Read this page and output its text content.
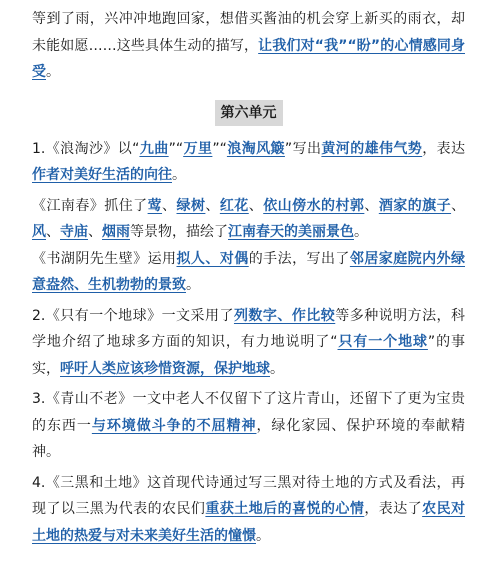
等到了雨，兴冲冲地跑回家，想借买酱油的机会穿上新买的雨衣，却未能如愿……这些具体生动的描写，让我们对“我”“盼”的心情感同身受。

第六单元

1.《浪淘沙》以“九曲”“万里”“浪淘风簸”写出黄河的雄伟气势，表达作者对美好生活的向往。

《江南春》抓住了莺、绿树、红花、依山傍水的村郭、酒家的旗子、风、寺庙、烟雨等景物，描绘了江南春天的美丽景色。

《书湖阴先生壁》运用拟人、对偶的手法，写出了邻居家庭院内外绿意盎然、生机勃勃的景致。

2.《只有一个地球》一文采用了列数字、作比较等多种说明方法，科学地介绍了地球多方面的知识，有力地说明了“只有一个地球”的事实，呼吁人类应该珍惜资源，保护地球。

3.《青山不老》一文中老人不仅留下了这片青山，还留下了更为宝贵的东西一与环境做斗争的不屈精神，绿化家园、保护环境的奉献精神。

4.《三黑和土地》这首现代诗通过写三黑对待土地的方式及看法，再现了以三黑为代表的农民们重获土地后的喜悦的心情，表达了农民对土地的热爱与对未来美好生活的憧憬。
